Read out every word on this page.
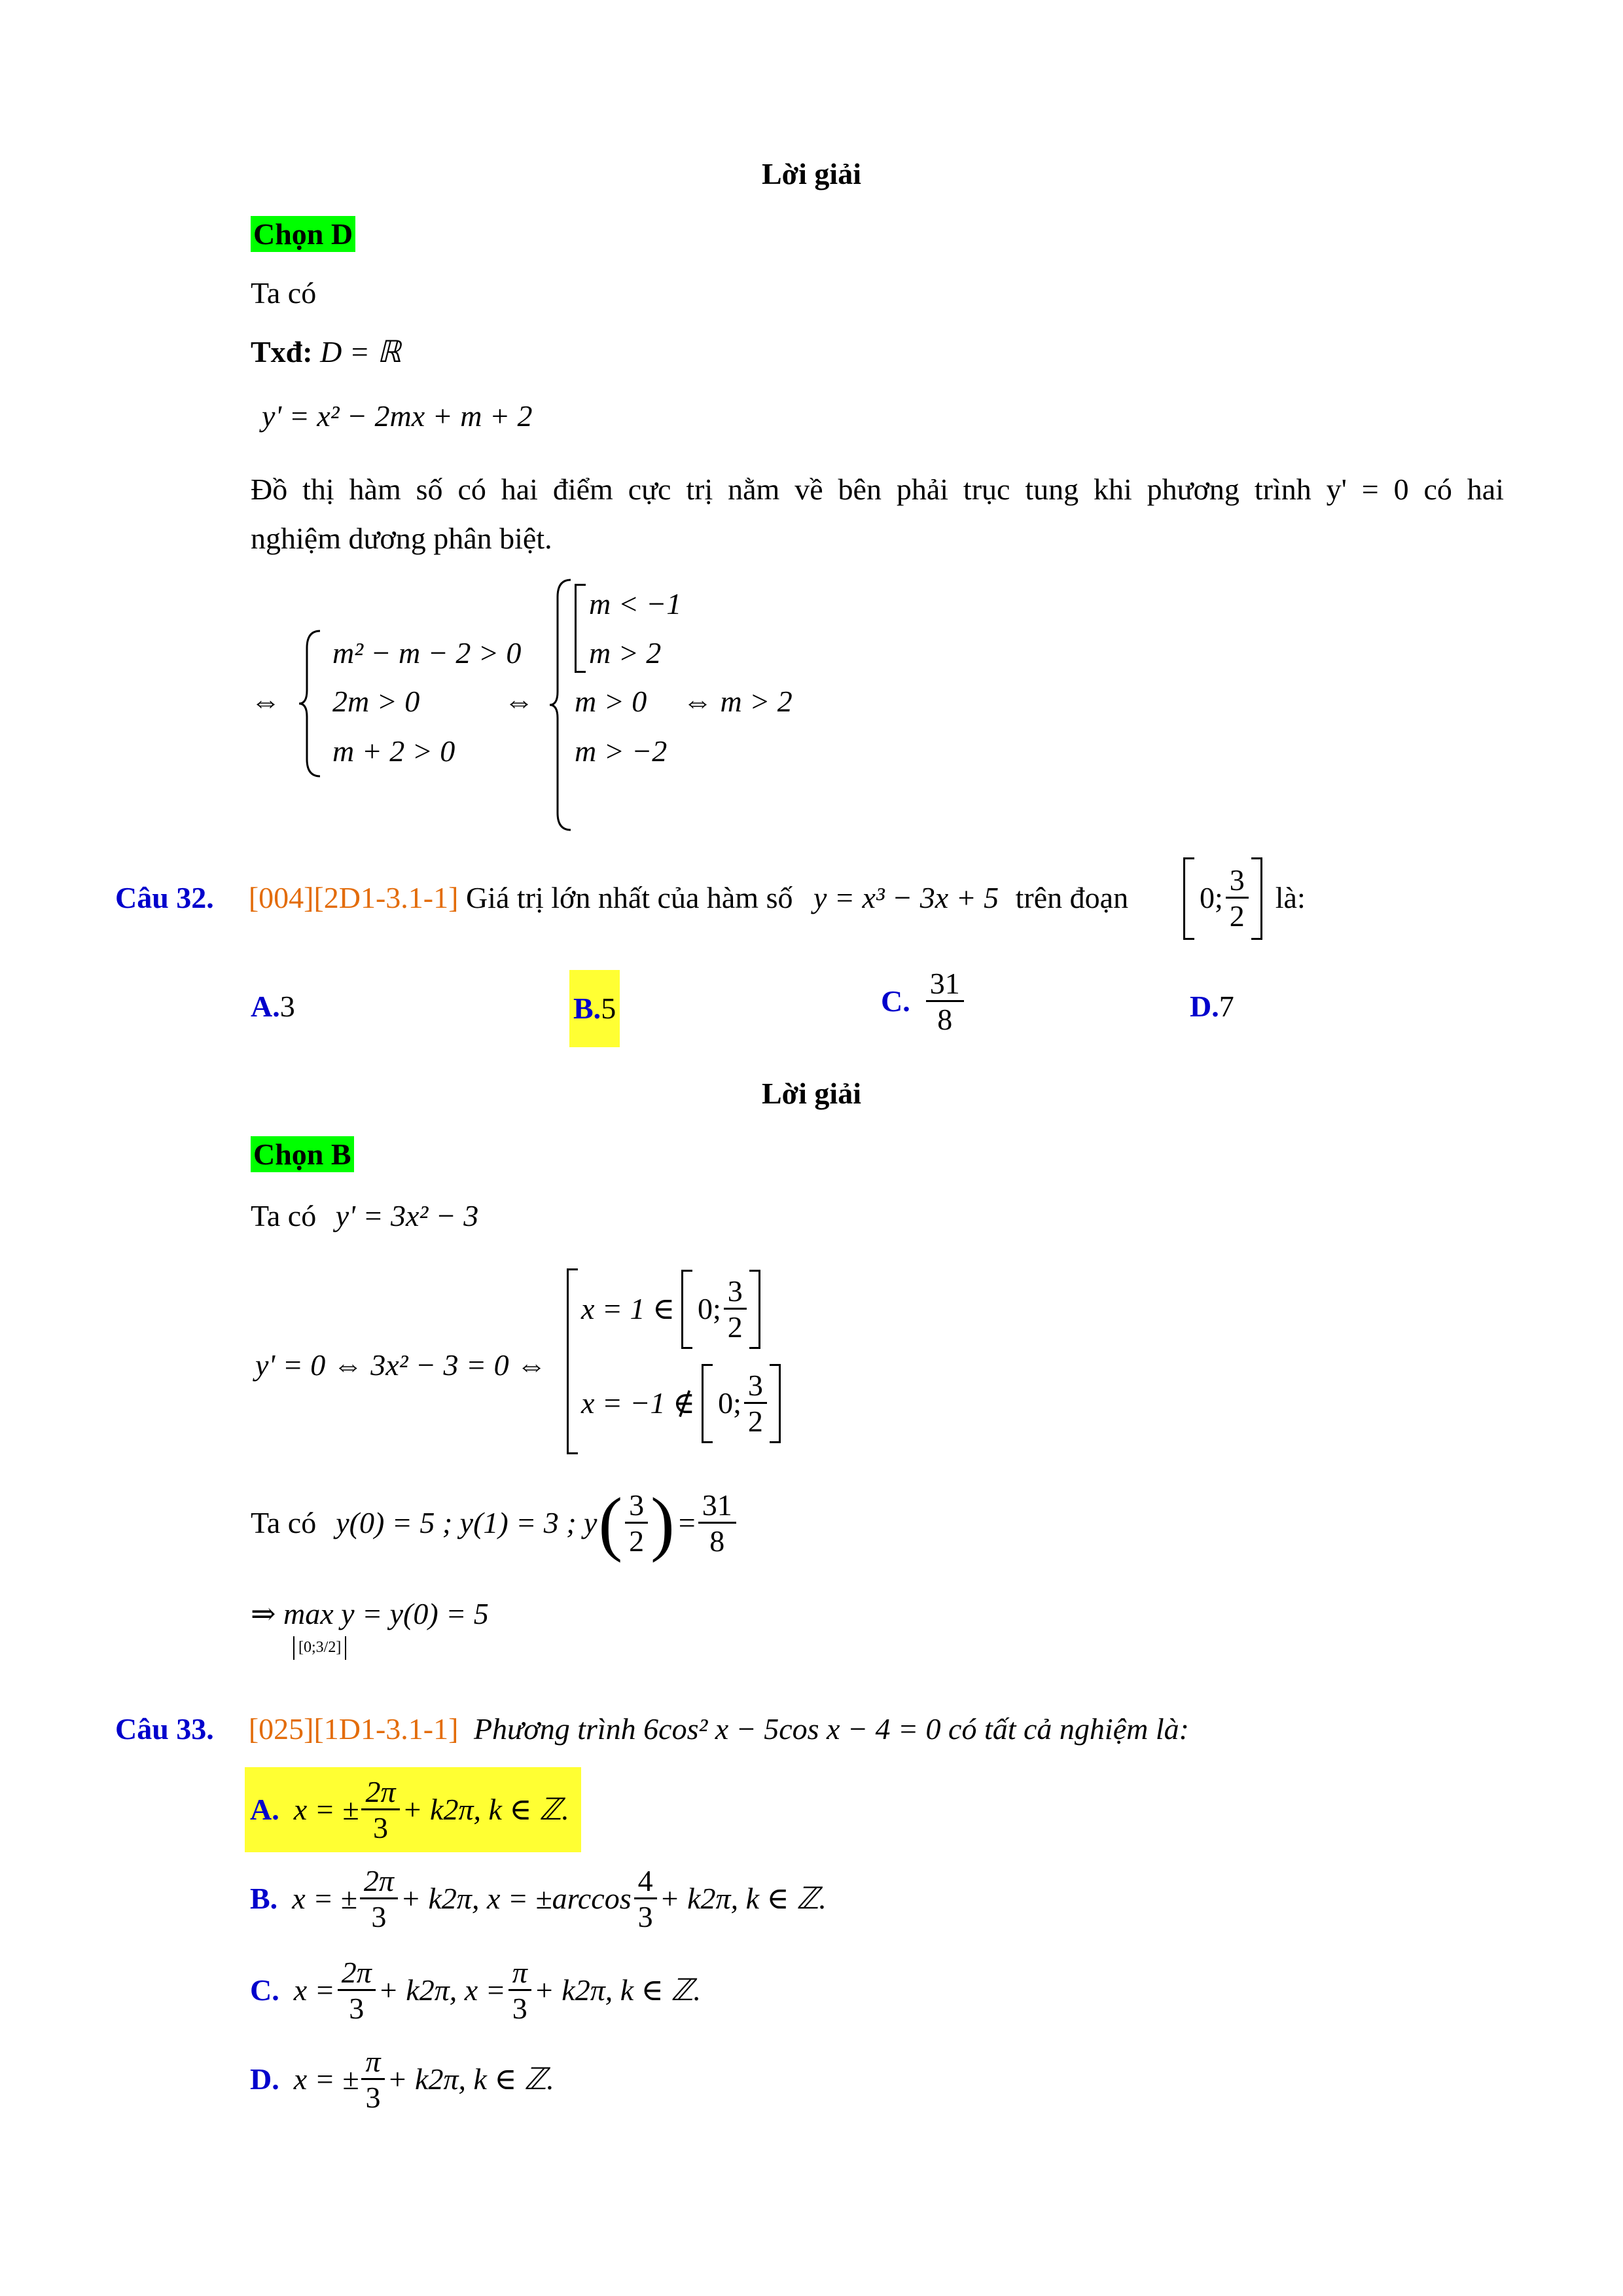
Lời giải
Chọn D
Ta có
Txđ: D = ℝ
y' = x² − 2mx + m + 2
Đồ thị hàm số có hai điểm cực trị nằm về bên phải trục tung khi phương trình y' = 0 có hai
nghiệm dương phân biệt.
⇔
m² − m − 2 > 0
2m > 0
m + 2 > 0
⇔
m < −1
m > 2
m > 0
m > −2
⇔ m > 2
Câu 32. [004][2D1-3.1-1] Giá trị lớn nhất của hàm số y = x³ − 3x + 5 trên đoạn 0; $\frac{3}{2}$ là:
A.3	B. 5	C. $\frac{31}{8}$	D.7
Lời giải
Chọn B
Ta có y' = 3x² − 3
y' = 0 ⇔ 3x² − 3 = 0 ⇔
x = 1 ∈ 0; $\frac{3}{2}$
x = −1 ∉ 0; $\frac{3}{2}$
Ta có y(0) = 5 ; y(1) = 3 ; y ( $\frac{3}{2}$ ) = $\frac{31}{8}$
⇒ max y = y(0) = 5
[0;3/2]
Câu 33. [025][1D1-3.1-1] Phương trình 6cos² x − 5cos x − 4 = 0 có tất cả nghiệm là:
A. x = ± $\frac{2\pi}{3} + k2\pi$, k ∈ ℤ.
B. x = ± $\frac{2\pi}{3} + k2\pi$, $x = \pm\arccos \frac{4}{3} + k2\pi$, k ∈ ℤ.
C. $x = \frac{2\pi}{3} + k2\pi$, $x = \frac{\pi}{3} + k2\pi$, k ∈ ℤ.
D. x = ± $\frac{\pi}{3} + k2\pi$, k ∈ ℤ.
